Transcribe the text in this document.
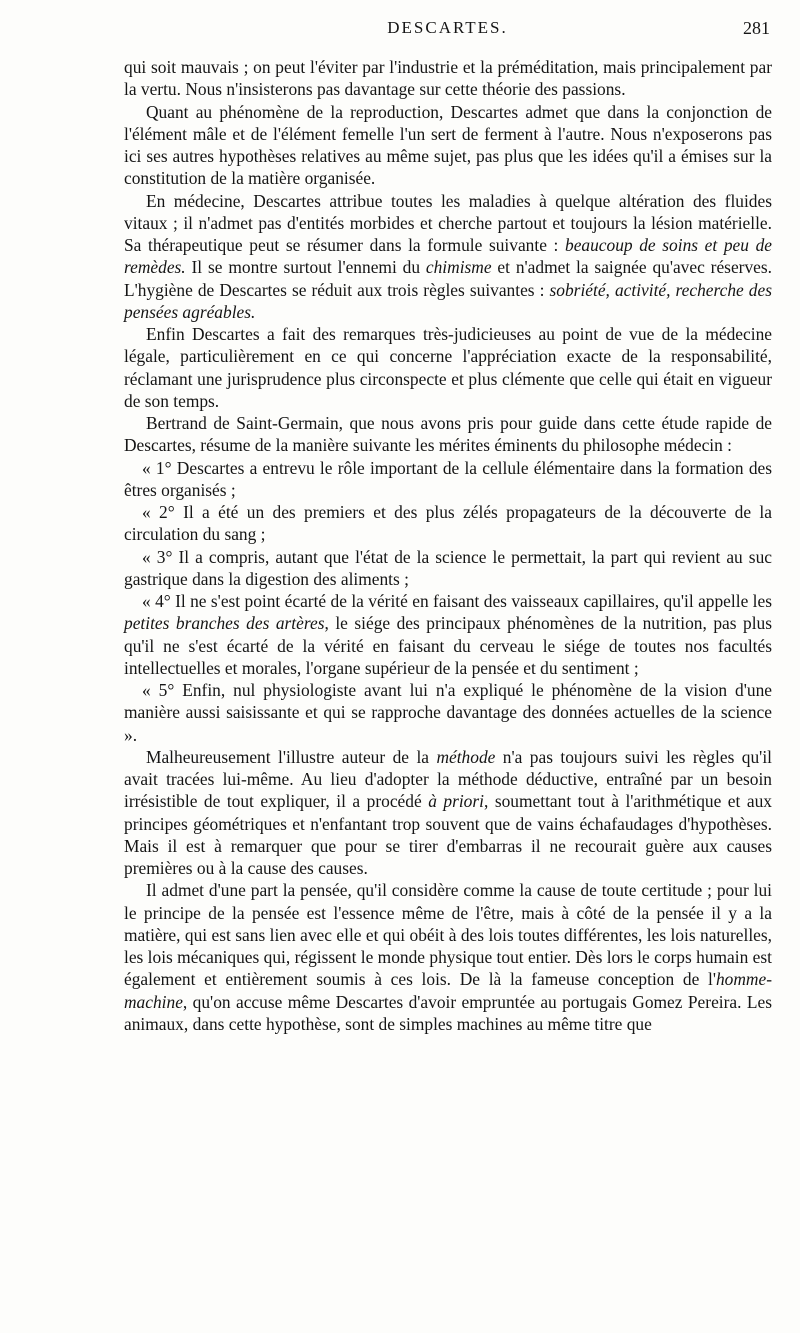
DESCARTES.	281

qui soit mauvais ; on peut l'éviter par l'industrie et la préméditation, mais principalement par la vertu. Nous n'insisterons pas davantage sur cette théorie des passions.

Quant au phénomène de la reproduction, Descartes admet que dans la conjonction de l'élément mâle et de l'élément femelle l'un sert de ferment à l'autre. Nous n'exposerons pas ici ses autres hypothèses relatives au même sujet, pas plus que les idées qu'il a émises sur la constitution de la matière organisée.

En médecine, Descartes attribue toutes les maladies à quelque altération des fluides vitaux ; il n'admet pas d'entités morbides et cherche partout et toujours la lésion matérielle. Sa thérapeutique peut se résumer dans la formule suivante : beaucoup de soins et peu de remèdes. Il se montre surtout l'ennemi du chimisme et n'admet la saignée qu'avec réserves. L'hygiène de Descartes se réduit aux trois règles suivantes : sobriété, activité, recherche des pensées agréables.

Enfin Descartes a fait des remarques très-judicieuses au point de vue de la médecine légale, particulièrement en ce qui concerne l'appréciation exacte de la responsabilité, réclamant une jurisprudence plus circonspecte et plus clémente que celle qui était en vigueur de son temps.

Bertrand de Saint-Germain, que nous avons pris pour guide dans cette étude rapide de Descartes, résume de la manière suivante les mérites éminents du philosophe médecin :

« 1° Descartes a entrevu le rôle important de la cellule élémentaire dans la formation des êtres organisés ;

« 2° Il a été un des premiers et des plus zélés propagateurs de la découverte de la circulation du sang ;

« 3° Il a compris, autant que l'état de la science le permettait, la part qui revient au suc gastrique dans la digestion des aliments ;

« 4° Il ne s'est point écarté de la vérité en faisant des vaisseaux capillaires, qu'il appelle les petites branches des artères, le siége des principaux phénomènes de la nutrition, pas plus qu'il ne s'est écarté de la vérité en faisant du cerveau le siége de toutes nos facultés intellectuelles et morales, l'organe supérieur de la pensée et du sentiment ;

« 5° Enfin, nul physiologiste avant lui n'a expliqué le phénomène de la vision d'une manière aussi saisissante et qui se rapproche davantage des données actuelles de la science ».

Malheureusement l'illustre auteur de la méthode n'a pas toujours suivi les règles qu'il avait tracées lui-même. Au lieu d'adopter la méthode déductive, entraîné par un besoin irrésistible de tout expliquer, il a procédé à priori, soumettant tout à l'arithmétique et aux principes géométriques et n'enfantant trop souvent que de vains échafaudages d'hypothèses. Mais il est à remarquer que pour se tirer d'embarras il ne recourait guère aux causes premières ou à la cause des causes.

Il admet d'une part la pensée, qu'il considère comme la cause de toute certitude ; pour lui le principe de la pensée est l'essence même de l'être, mais à côté de la pensée il y a la matière, qui est sans lien avec elle et qui obéit à des lois toutes différentes, les lois naturelles, les lois mécaniques qui, régissent le monde physique tout entier. Dès lors le corps humain est également et entièrement soumis à ces lois. De là la fameuse conception de l'homme-machine, qu'on accuse même Descartes d'avoir empruntée au portugais Gomez Pereira. Les animaux, dans cette hypothèse, sont de simples machines au même titre que
